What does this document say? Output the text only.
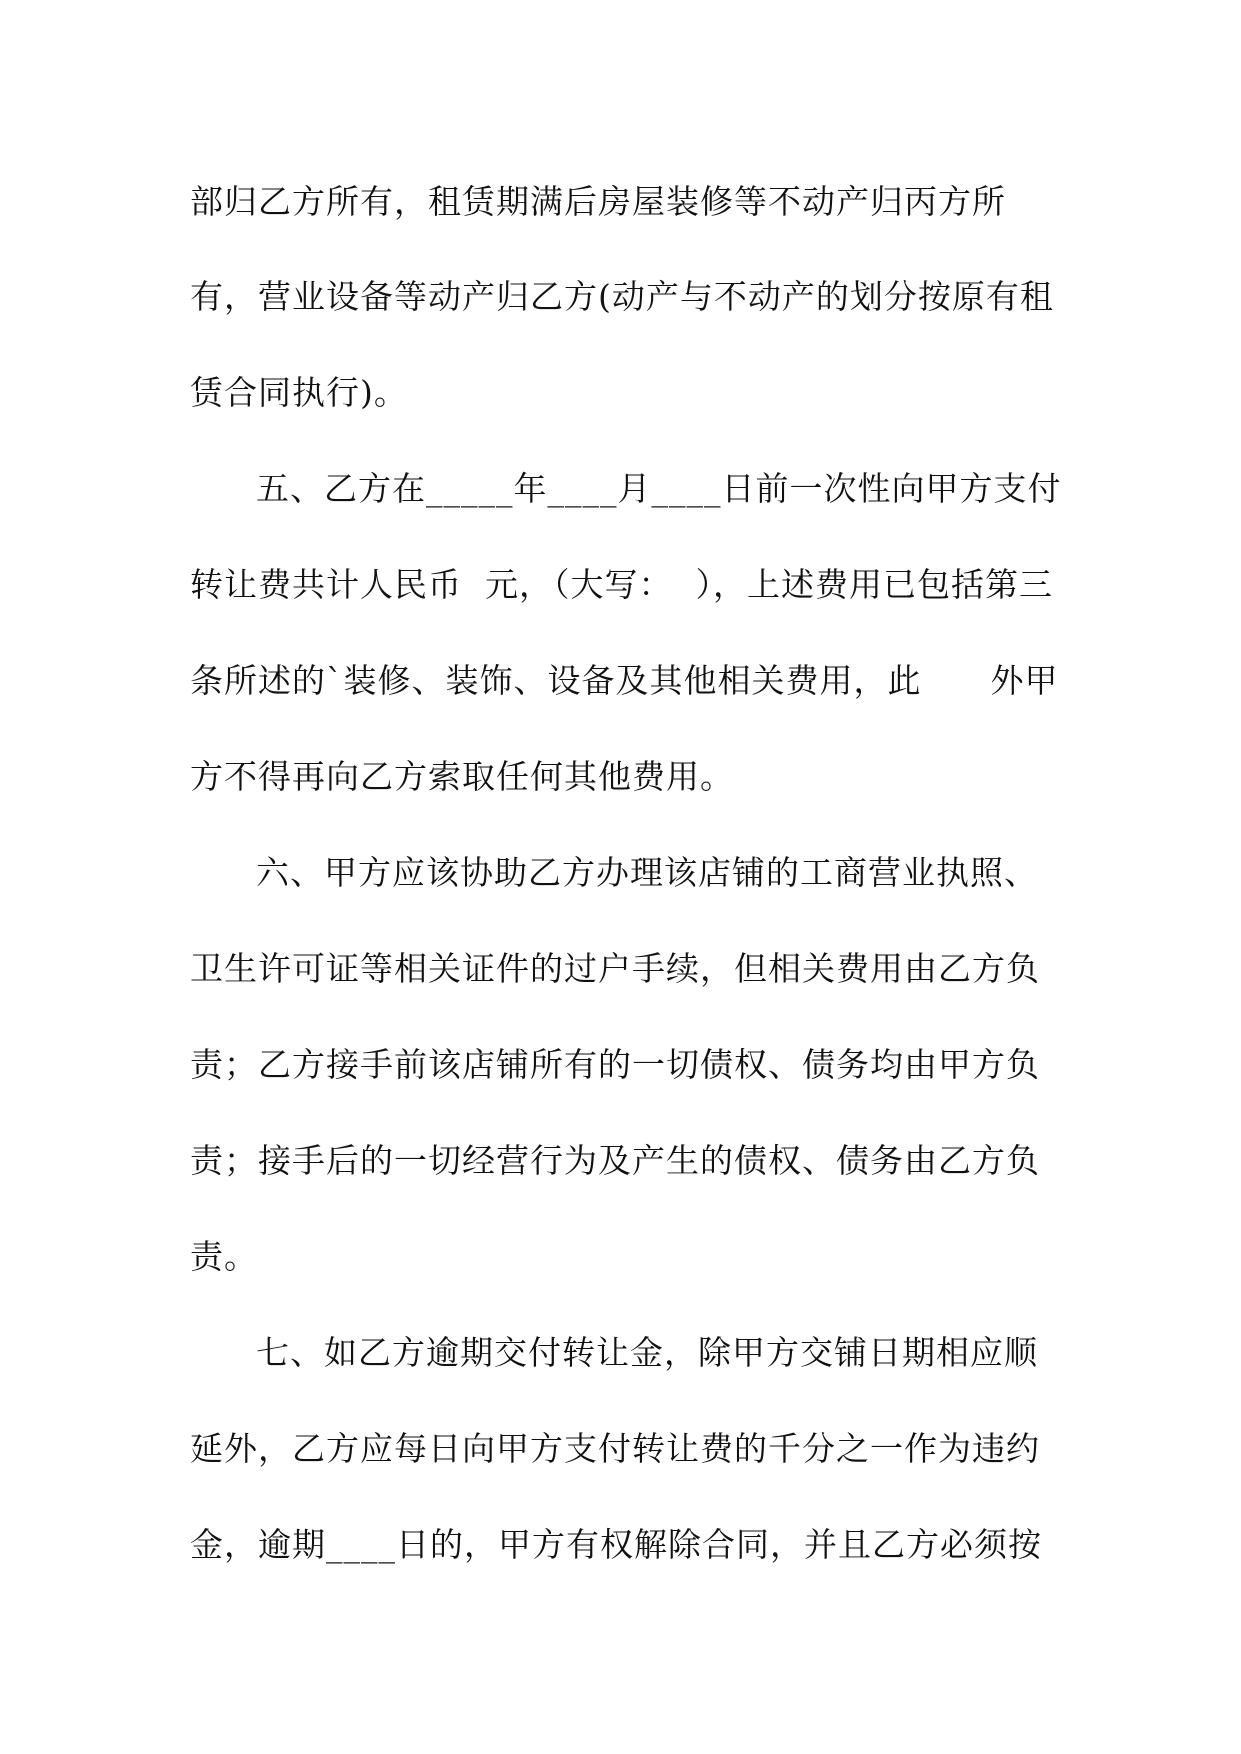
部归乙方所有，租赁期满后房屋装修等不动产归丙方所
有，营业设备等动产归乙方(动产与不动产的划分按原有租
赁合同执行)。
五、乙方在_____年____月____日前一次性向甲方支付
转让费共计人民币  元，（大写：  ），上述费用已包括第三
条所述的`装修、装饰、设备及其他相关费用，此      外甲
方不得再向乙方索取任何其他费用。
六、甲方应该协助乙方办理该店铺的工商营业执照、
卫生许可证等相关证件的过户手续，但相关费用由乙方负
责；乙方接手前该店铺所有的一切债权、债务均由甲方负
责；接手后的一切经营行为及产生的债权、债务由乙方负
责。
七、如乙方逾期交付转让金，除甲方交铺日期相应顺
延外，乙方应每日向甲方支付转让费的千分之一作为违约
金，逾期____日的，甲方有权解除合同，并且乙方必须按
